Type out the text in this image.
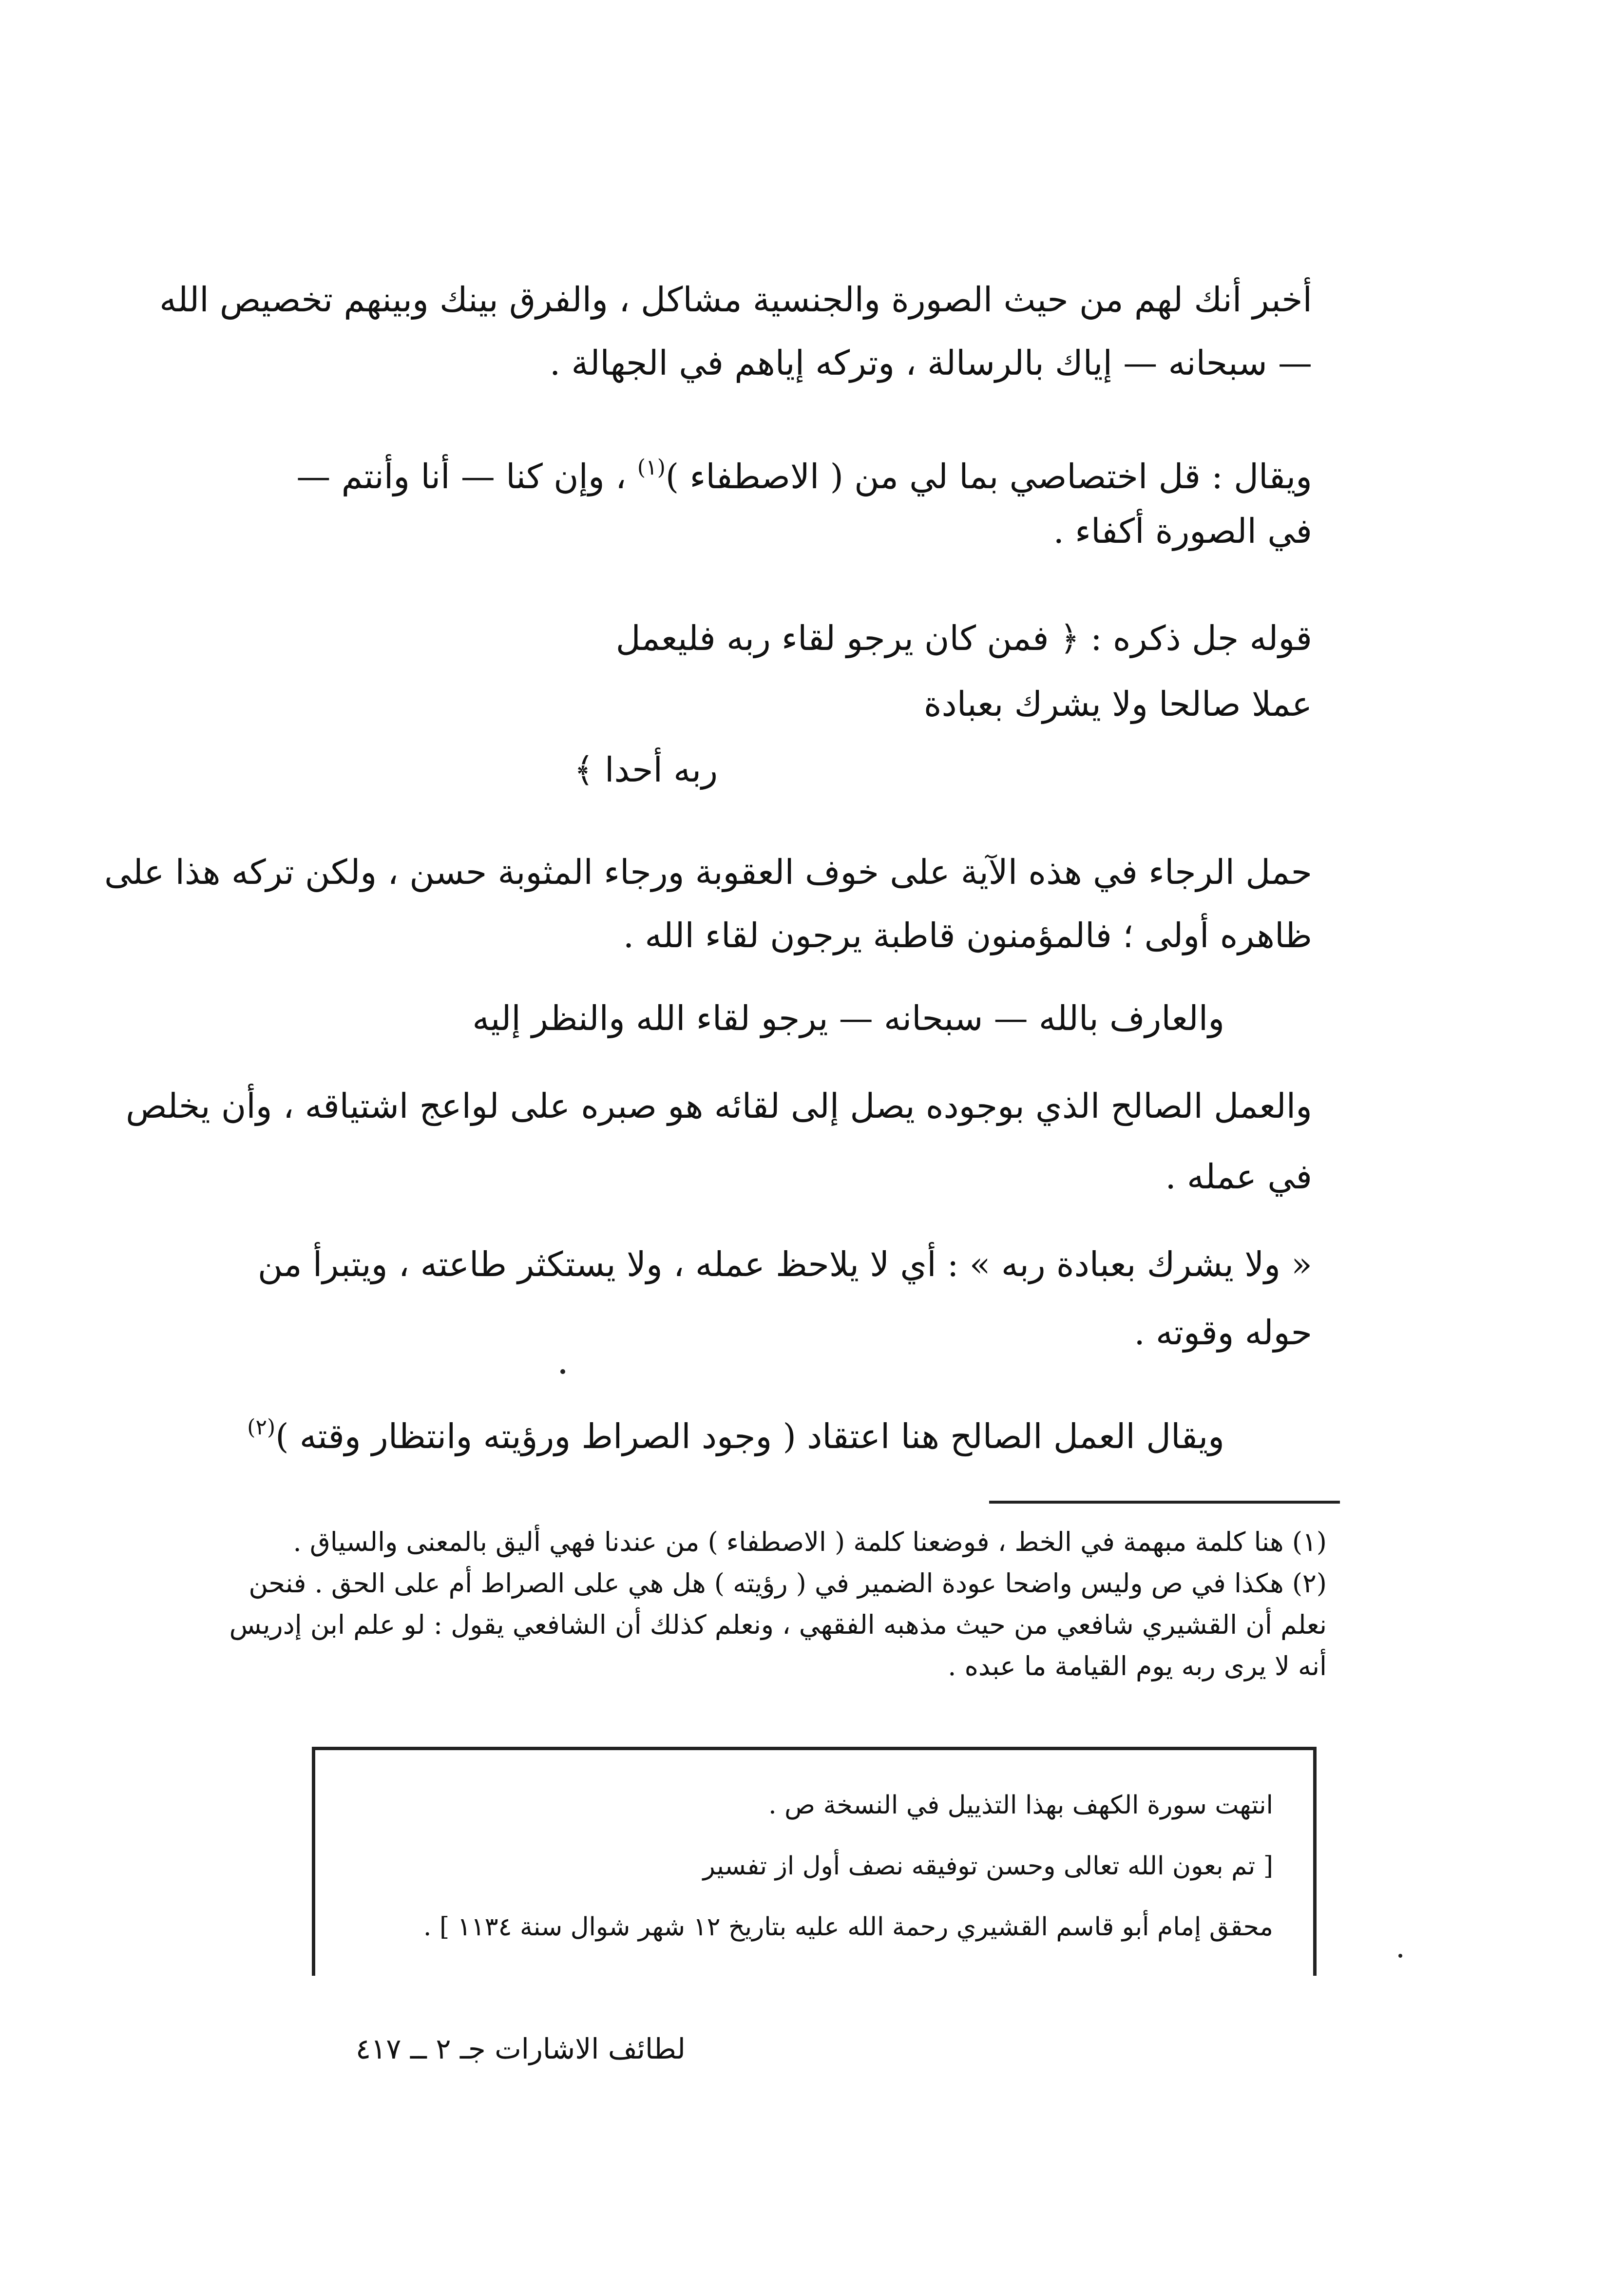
أخبر أنك لهم من حيث الصورة والجنسية مشاكل ، والفرق بينك وبينهم تخصيص الله
— سبحانه — إياك بالرسالة ، وتركه إياهم في الجهالة .
ويقال : قل اختصاصي بما لي من ( الاصطفاء )$^{(١)}$ ، وإن كنا — أنا وأنتم —
في الصورة أكفاء .
قوله جل ذكره : ﴿ فمن كان يرجو لقاء ربه فليعمل
عملا صالحا ولا يشرك بعبادة
ربه أحدا ﴾
حمل الرجاء في هذه الآية على خوف العقوبة ورجاء المثوبة حسن ، ولكن تركه هذا على
ظاهره أولى ؛ فالمؤمنون قاطبة يرجون لقاء الله .
والعارف بالله — سبحانه — يرجو لقاء الله والنظر إليه
والعمل الصالح الذي بوجوده يصل إلى لقائه هو صبره على لواعج اشتياقه ، وأن يخلص
في عمله .
« ولا يشرك بعبادة ربه » : أي لا يلاحظ عمله ، ولا يستكثر طاعته ، ويتبرأ من
حوله وقوته .
ويقال العمل الصالح هنا اعتقاد ( وجود الصراط ورؤيته وانتظار وقته )$^{(٢)}$
(١) هنا كلمة مبهمة في الخط ، فوضعنا كلمة ( الاصطفاء ) من عندنا فهي أليق بالمعنى والسياق .
(٢) هكذا في ص وليس واضحا عودة الضمير في ( رؤيته ) هل هي على الصراط أم على الحق . فنحن
نعلم أن القشيري شافعي من حيث مذهبه الفقهي ، ونعلم كذلك أن الشافعي يقول : لو علم ابن إدريس
أنه لا يرى ربه يوم القيامة ما عبده .
انتهت سورة الكهف بهذا التذييل في النسخة ص .
[ تم بعون الله تعالى وحسن توفيقه نصف أول از تفسير
محقق إمام أبو قاسم القشيري رحمة الله عليه بتاريخ ١٢ شهر شوال سنة ١١٣٤ ] .
لطائف الاشارات جـ ٢ ــ ٤١٧
